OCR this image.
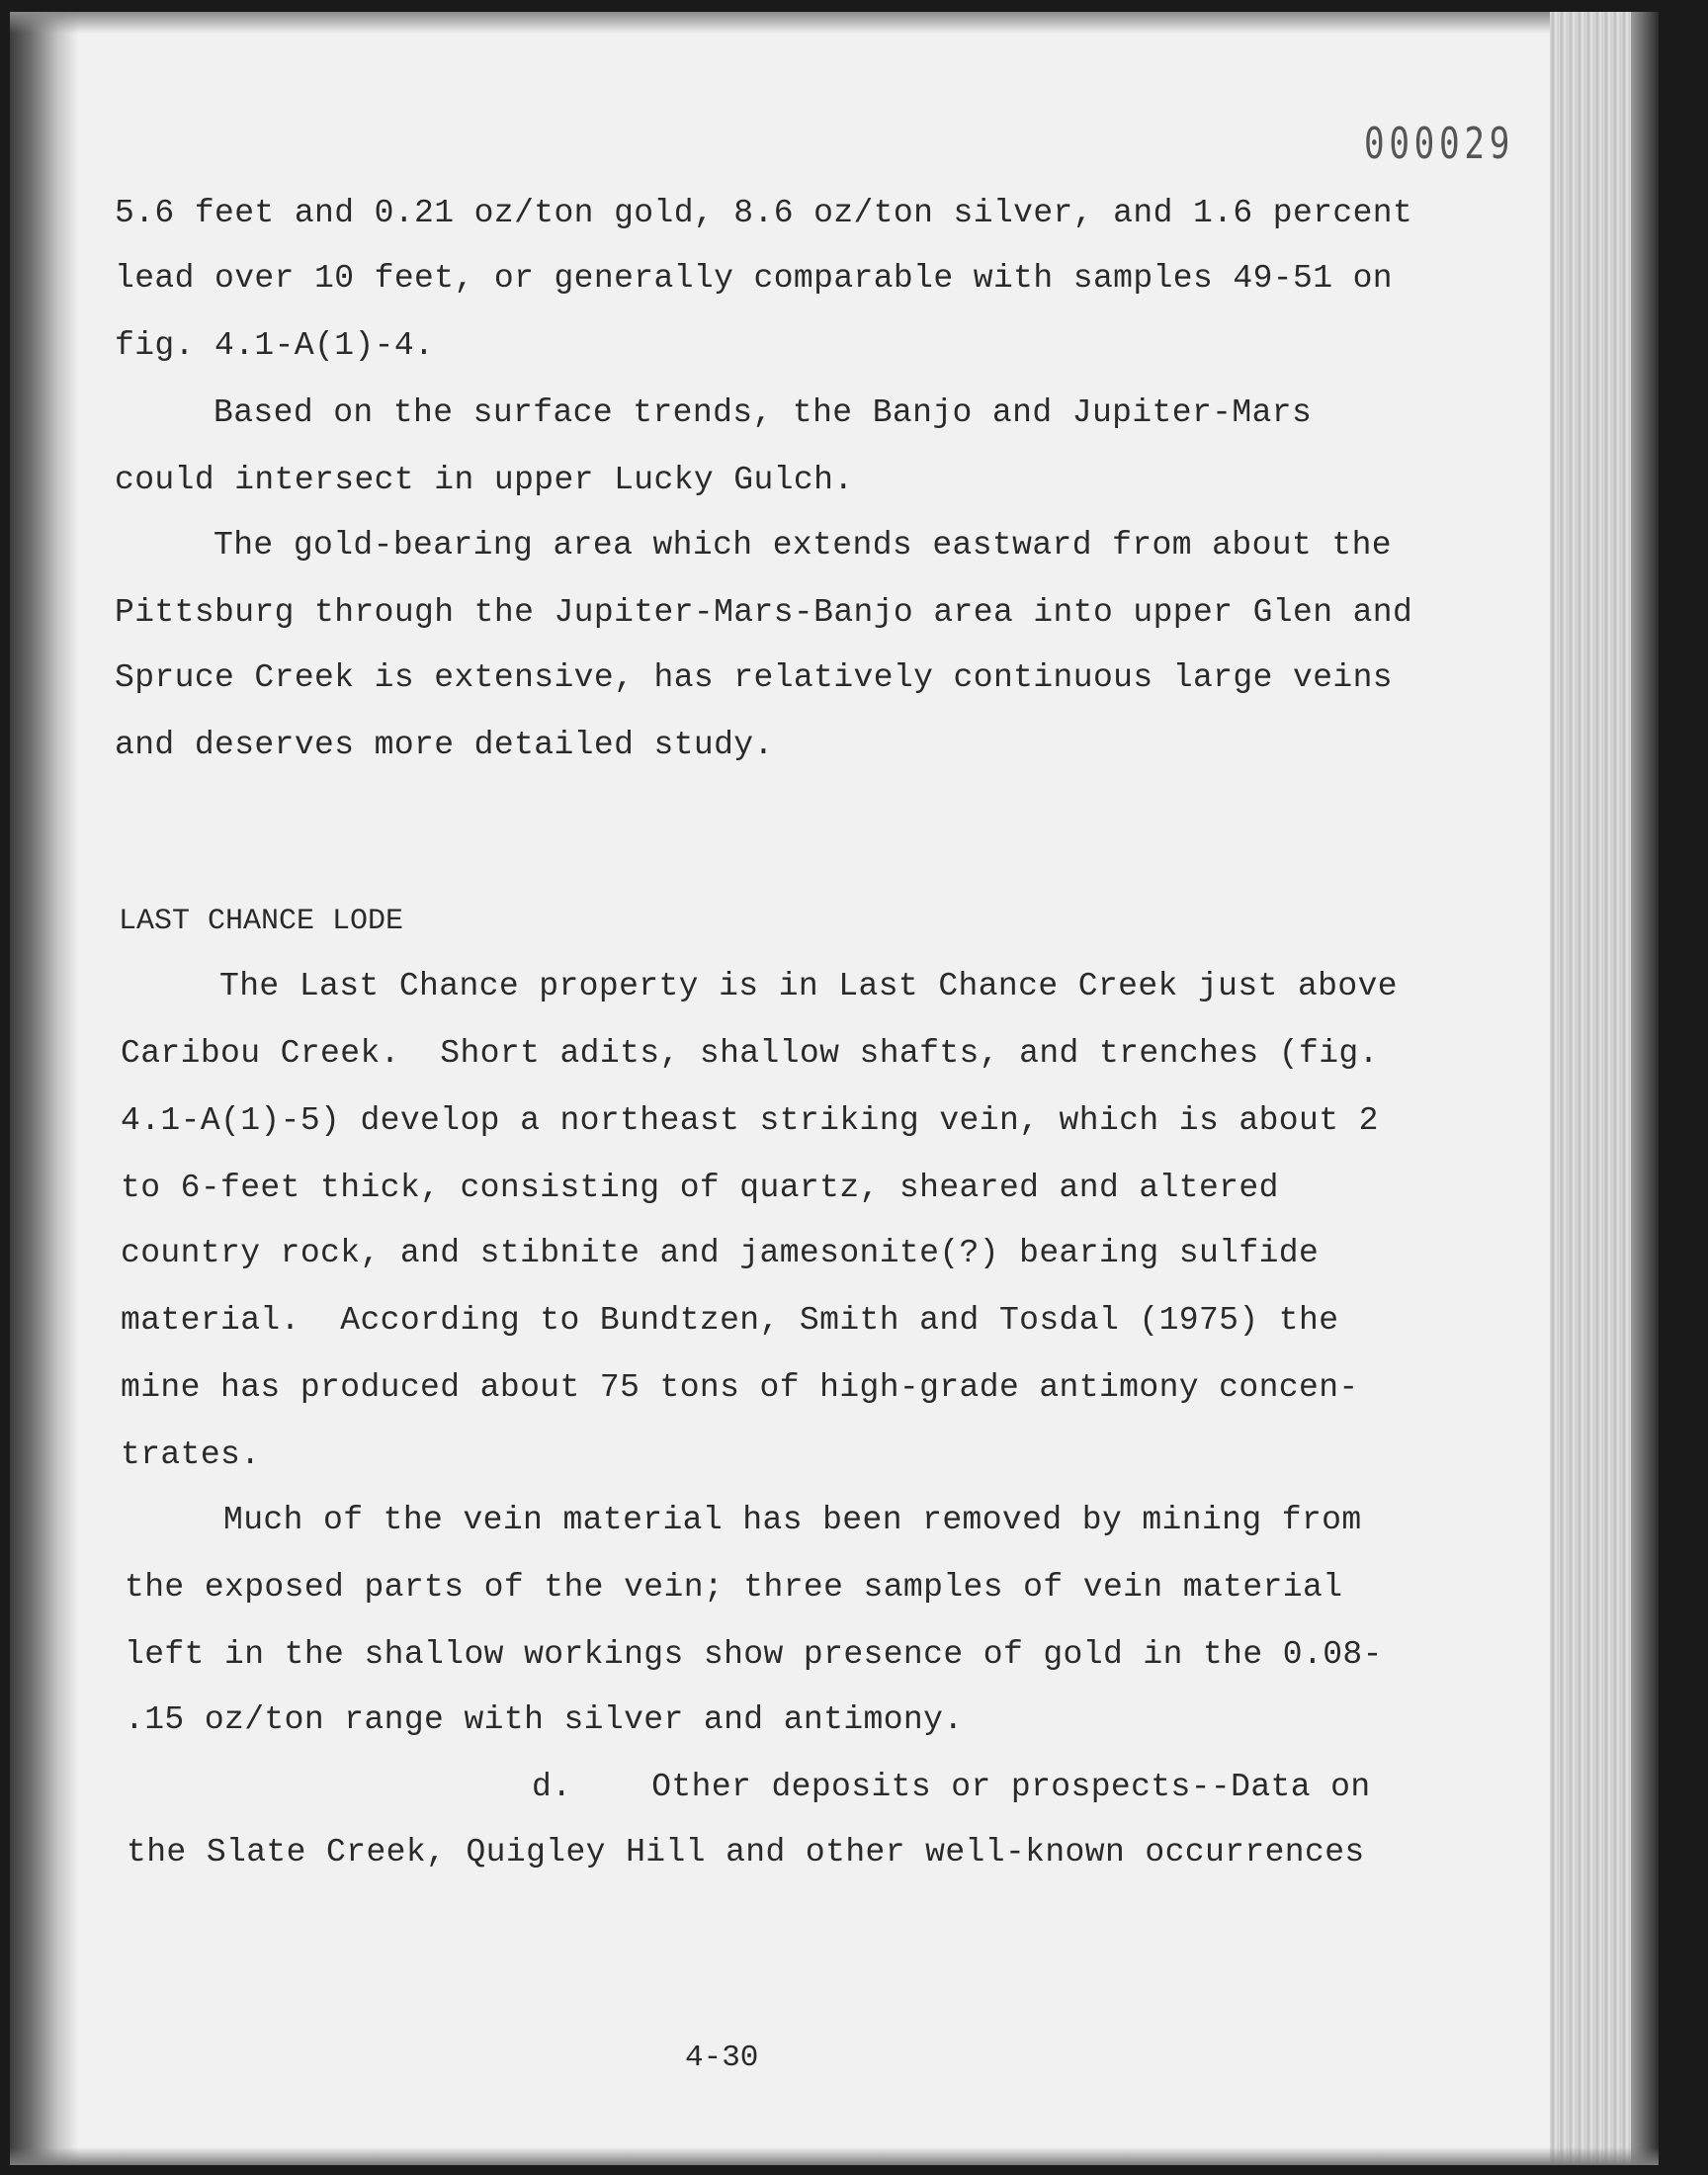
000029
5.6 feet and 0.21 oz/ton gold, 8.6 oz/ton silver, and 1.6 percent
lead over 10 feet, or generally comparable with samples 49-51 on
fig. 4.1-A(1)-4.
Based on the surface trends, the Banjo and Jupiter-Mars
could intersect in upper Lucky Gulch.
The gold-bearing area which extends eastward from about the
Pittsburg through the Jupiter-Mars-Banjo area into upper Glen and
Spruce Creek is extensive, has relatively continuous large veins
and deserves more detailed study.
LAST CHANCE LODE
The Last Chance property is in Last Chance Creek just above
Caribou Creek.  Short adits, shallow shafts, and trenches (fig.
4.1-A(1)-5) develop a northeast striking vein, which is about 2
to 6-feet thick, consisting of quartz, sheared and altered
country rock, and stibnite and jamesonite(?) bearing sulfide
material.  According to Bundtzen, Smith and Tosdal (1975) the
mine has produced about 75 tons of high-grade antimony concen-
trates.
Much of the vein material has been removed by mining from
the exposed parts of the vein; three samples of vein material
left in the shallow workings show presence of gold in the 0.08-
.15 oz/ton range with silver and antimony.
d.    Other deposits or prospects--Data on
the Slate Creek, Quigley Hill and other well-known occurrences
4-30
